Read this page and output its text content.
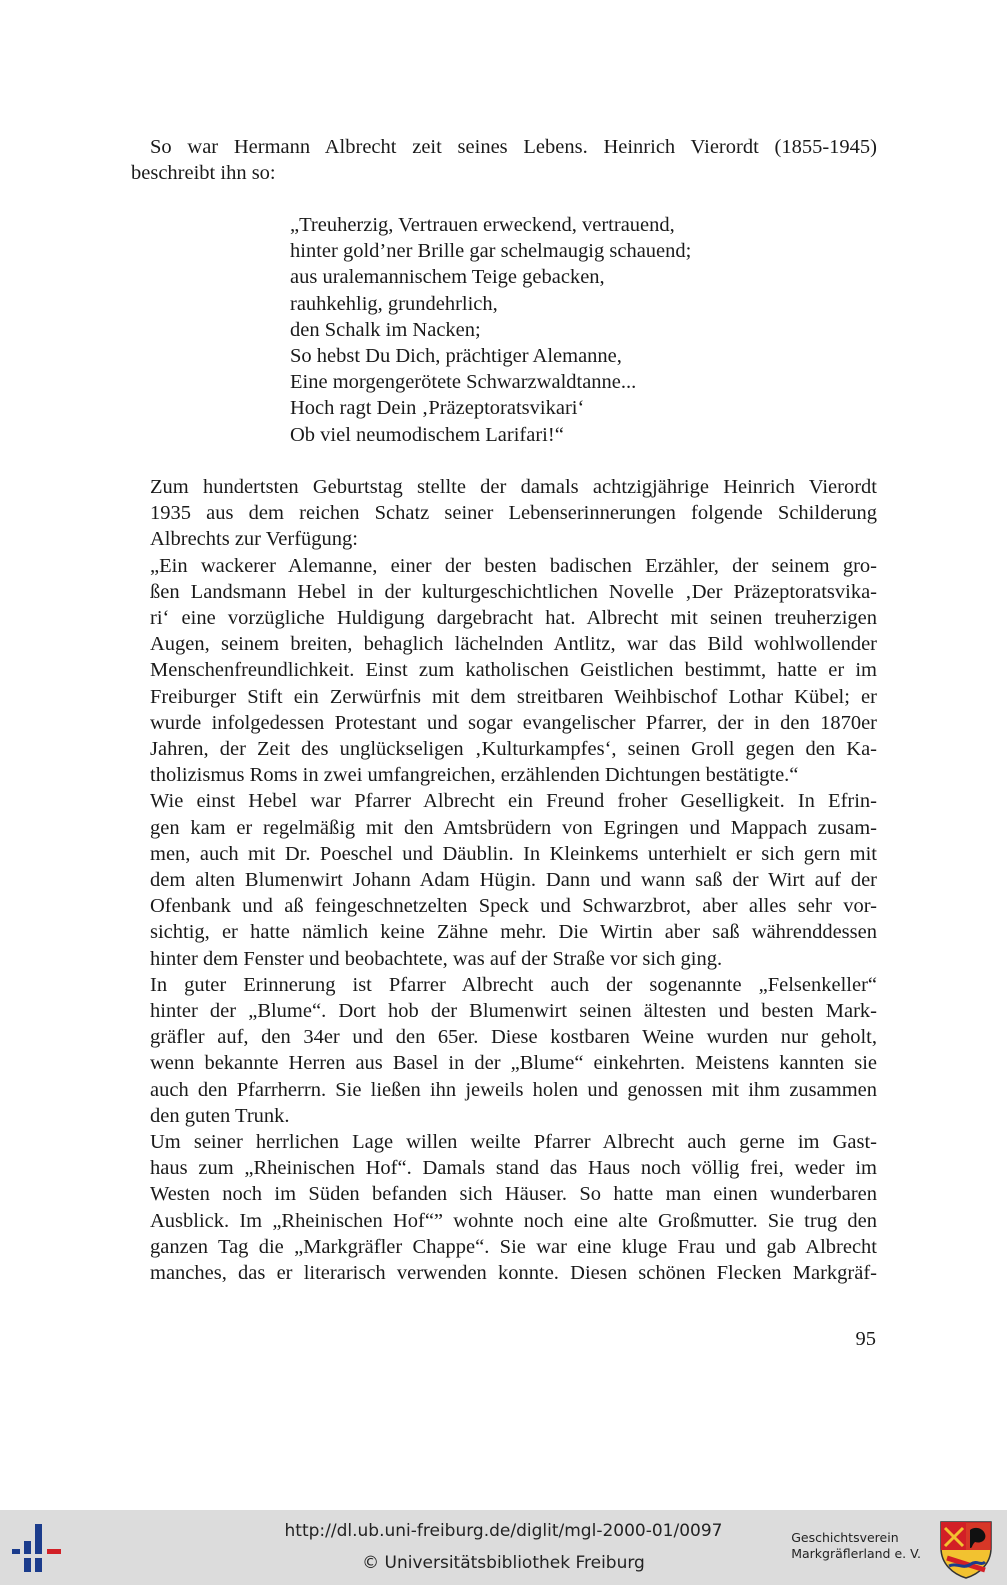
So war Hermann Albrecht zeit seines Lebens. Heinrich Vierordt (1855-1945)
beschreibt ihn so:

„Treuherzig, Vertrauen erweckend, vertrauend,
hinter gold’ner Brille gar schelmaugig schauend;
aus uralemannischem Teige gebacken,
rauhkehlig, grundehrlich,
den Schalk im Nacken;
So hebst Du Dich, prächtiger Alemanne,
Eine morgengerötete Schwarzwaldtanne...
Hoch ragt Dein ‚Präzeptoratsvikari‘
Ob viel neumodischem Larifari!“

Zum hundertsten Geburtstag stellte der damals achtzigjährige Heinrich Vierordt
1935 aus dem reichen Schatz seiner Lebenserinnerungen folgende Schilderung
Albrechts zur Verfügung:

„Ein wackerer Alemanne, einer der besten badischen Erzähler, der seinem gro-
ßen Landsmann Hebel in der kulturgeschichtlichen Novelle ‚Der Präzeptoratsvika-
ri‘ eine vorzügliche Huldigung dargebracht hat. Albrecht mit seinen treuherzigen
Augen, seinem breiten, behaglich lächelnden Antlitz, war das Bild wohlwollender
Menschenfreundlichkeit. Einst zum katholischen Geistlichen bestimmt, hatte er im
Freiburger Stift ein Zerwürfnis mit dem streitbaren Weihbischof Lothar Kübel; er
wurde infolgedessen Protestant und sogar evangelischer Pfarrer, der in den 1870er
Jahren, der Zeit des unglückseligen ‚Kulturkampfes‘, seinen Groll gegen den Ka-
tholizismus Roms in zwei umfangreichen, erzählenden Dichtungen bestätigte.“

Wie einst Hebel war Pfarrer Albrecht ein Freund froher Geselligkeit. In Efrin-
gen kam er regelmäßig mit den Amtsbrüdern von Egringen und Mappach zusam-
men, auch mit Dr. Poeschel und Däublin. In Kleinkems unterhielt er sich gern mit
dem alten Blumenwirt Johann Adam Hügin. Dann und wann saß der Wirt auf der
Ofenbank und aß feingeschnetzelten Speck und Schwarzbrot, aber alles sehr vor-
sichtig, er hatte nämlich keine Zähne mehr. Die Wirtin aber saß währenddessen
hinter dem Fenster und beobachtete, was auf der Straße vor sich ging.

In guter Erinnerung ist Pfarrer Albrecht auch der sogenannte „Felsenkeller“
hinter der „Blume“. Dort hob der Blumenwirt seinen ältesten und besten Mark-
gräfler auf, den 34er und den 65er. Diese kostbaren Weine wurden nur geholt,
wenn bekannte Herren aus Basel in der „Blume“ einkehrten. Meistens kannten sie
auch den Pfarrherrn. Sie ließen ihn jeweils holen und genossen mit ihm zusammen
den guten Trunk.

Um seiner herrlichen Lage willen weilte Pfarrer Albrecht auch gerne im Gast-
haus zum „Rheinischen Hof“. Damals stand das Haus noch völlig frei, weder im
Westen noch im Süden befanden sich Häuser. So hatte man einen wunderbaren
Ausblick. Im „Rheinischen Hof“” wohnte noch eine alte Großmutter. Sie trug den
ganzen Tag die „Markgräfler Chappe“. Sie war eine kluge Frau und gab Albrecht
manches, das er literarisch verwenden konnte. Diesen schönen Flecken Markgräf-

95
http://dl.ub.uni-freiburg.de/diglit/mgl-2000-01/0097
© Universitätsbibliothek Freiburg
Geschichtsverein
Markgräflerland e. V.
